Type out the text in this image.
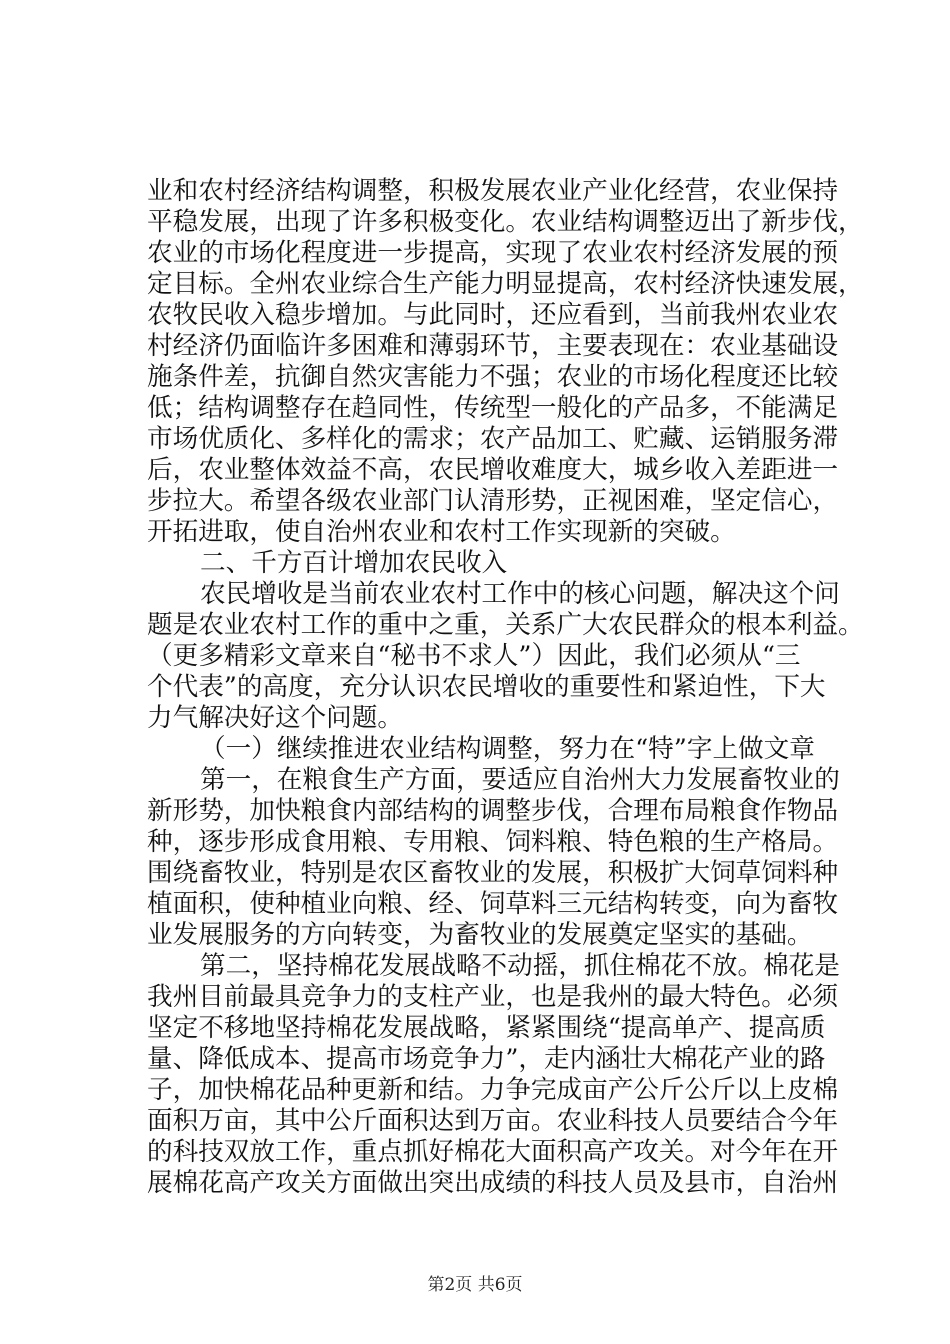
业和农村经济结构调整，积极发展农业产业化经营，农业保持
平稳发展，出现了许多积极变化。农业结构调整迈出了新步伐，
农业的市场化程度进一步提高，实现了农业农村经济发展的预
定目标。全州农业综合生产能力明显提高，农村经济快速发展，
农牧民收入稳步增加。与此同时，还应看到，当前我州农业农
村经济仍面临许多困难和薄弱环节，主要表现在：农业基础设
施条件差，抗御自然灾害能力不强；农业的市场化程度还比较
低；结构调整存在趋同性，传统型一般化的产品多，不能满足
市场优质化、多样化的需求；农产品加工、贮藏、运销服务滞
后，农业整体效益不高，农民增收难度大，城乡收入差距进一
步拉大。希望各级农业部门认清形势，正视困难，坚定信心，
开拓进取，使自治州农业和农村工作实现新的突破。
二、千方百计增加农民收入
农民增收是当前农业农村工作中的核心问题，解决这个问
题是农业农村工作的重中之重，关系广大农民群众的根本利益。
（更多精彩文章来自“秘书不求人”）因此，我们必须从“三
个代表”的高度，充分认识农民增收的重要性和紧迫性，下大
力气解决好这个问题。
（一）继续推进农业结构调整，努力在“特”字上做文章
第一，在粮食生产方面，要适应自治州大力发展畜牧业的
新形势，加快粮食内部结构的调整步伐，合理布局粮食作物品
种，逐步形成食用粮、专用粮、饲料粮、特色粮的生产格局。
围绕畜牧业，特别是农区畜牧业的发展，积极扩大饲草饲料种
植面积，使种植业向粮、经、饲草料三元结构转变，向为畜牧
业发展服务的方向转变，为畜牧业的发展奠定坚实的基础。
第二，坚持棉花发展战略不动摇，抓住棉花不放。棉花是
我州目前最具竞争力的支柱产业，也是我州的最大特色。必须
坚定不移地坚持棉花发展战略，紧紧围绕“提高单产、提高质
量、降低成本、提高市场竞争力”，走内涵壮大棉花产业的路
子，加快棉花品种更新和结。力争完成亩产公斤公斤以上皮棉
面积万亩，其中公斤面积达到万亩。农业科技人员要结合今年
的科技双放工作，重点抓好棉花大面积高产攻关。对今年在开
展棉花高产攻关方面做出突出成绩的科技人员及县市，自治州
第2页 共6页
